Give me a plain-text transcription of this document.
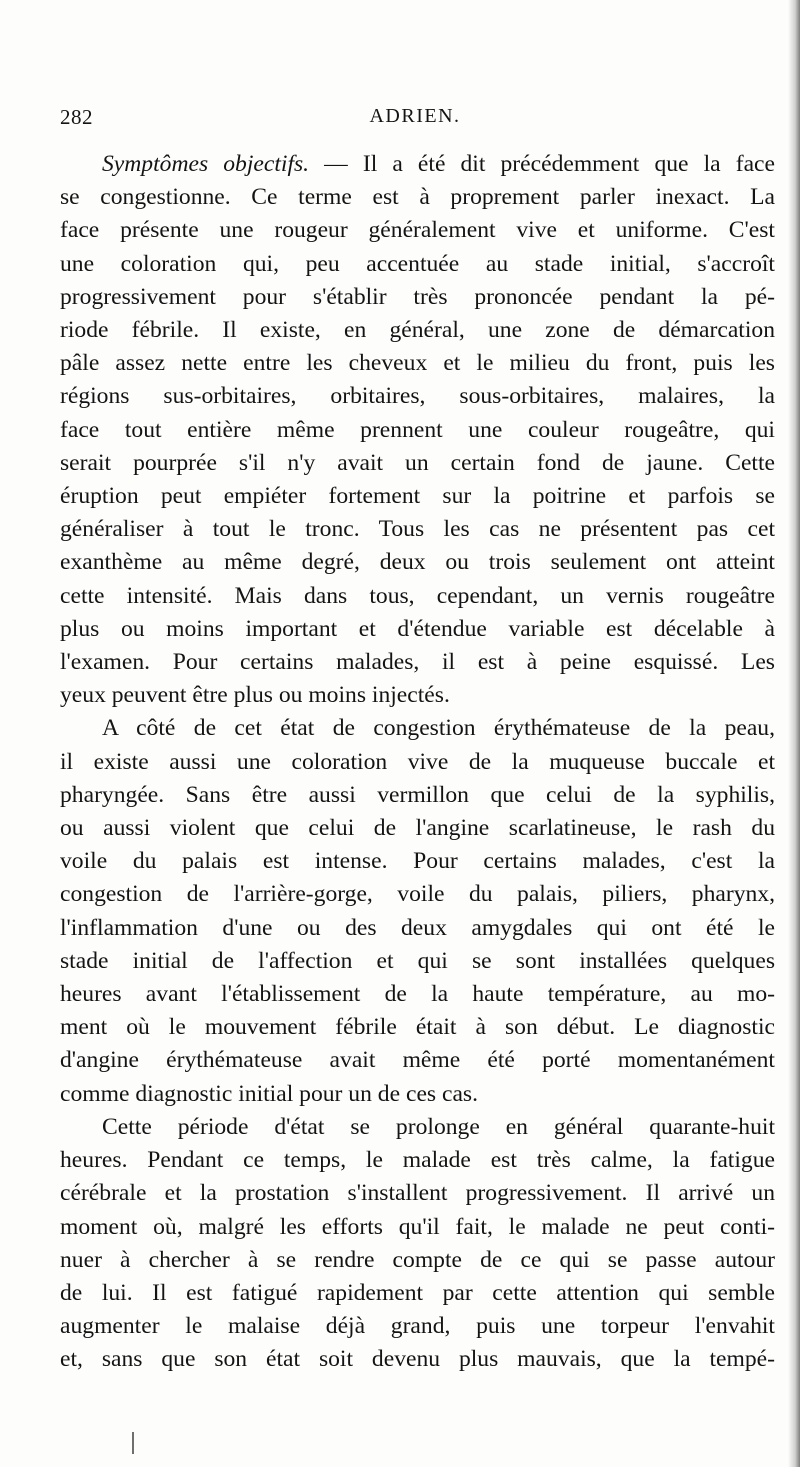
282	ADRIEN.
Symptômes objectifs. — Il a été dit précédemment que la face
se congestionne. Ce terme est à proprement parler inexact. La
face présente une rougeur généralement vive et uniforme. C'est
une coloration qui, peu accentuée au stade initial, s'accroît
progressivement pour s'établir très prononcée pendant la pé-
riode fébrile. Il existe, en général, une zone de démarcation
pâle assez nette entre les cheveux et le milieu du front, puis les
régions sus-orbitaires, orbitaires, sous-orbitaires, malaires, la
face tout entière même prennent une couleur rougeâtre, qui
serait pourprée s'il n'y avait un certain fond de jaune. Cette
éruption peut empiéter fortement sur la poitrine et parfois se
généraliser à tout le tronc. Tous les cas ne présentent pas cet
exanthème au même degré, deux ou trois seulement ont atteint
cette intensité. Mais dans tous, cependant, un vernis rougeâtre
plus ou moins important et d'étendue variable est décelable à
l'examen. Pour certains malades, il est à peine esquissé. Les
yeux peuvent être plus ou moins injectés.
A côté de cet état de congestion érythémateuse de la peau,
il existe aussi une coloration vive de la muqueuse buccale et
pharyngée. Sans être aussi vermillon que celui de la syphilis,
ou aussi violent que celui de l'angine scarlatineuse, le rash du
voile du palais est intense. Pour certains malades, c'est la
congestion de l'arrière-gorge, voile du palais, piliers, pharynx,
l'inflammation d'une ou des deux amygdales qui ont été le
stade initial de l'affection et qui se sont installées quelques
heures avant l'établissement de la haute température, au mo-
ment où le mouvement fébrile était à son début. Le diagnostic
d'angine érythémateuse avait même été porté momentanément
comme diagnostic initial pour un de ces cas.
Cette période d'état se prolonge en général quarante-huit
heures. Pendant ce temps, le malade est très calme, la fatigue
cérébrale et la prostation s'installent progressivement. Il arrivé un
moment où, malgré les efforts qu'il fait, le malade ne peut conti-
nuer à chercher à se rendre compte de ce qui se passe autour
de lui. Il est fatigué rapidement par cette attention qui semble
augmenter le malaise déjà grand, puis une torpeur l'envahit
et, sans que son état soit devenu plus mauvais, que la tempé-
